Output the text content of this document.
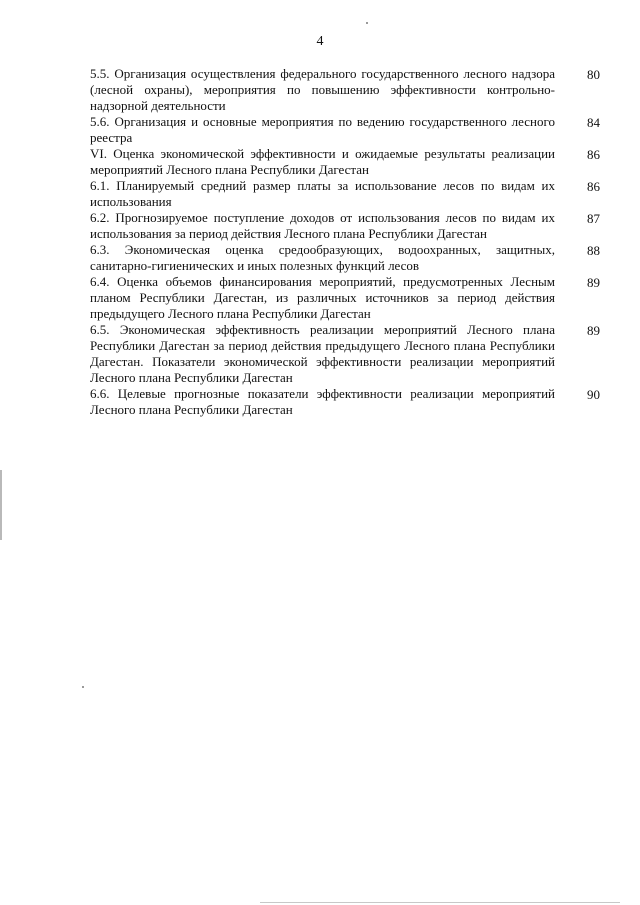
4
5.5. Организация осуществления федерального государственного лесного надзора (лесной охраны), мероприятия по повышению эффективности контрольно-надзорной деятельности
80
5.6. Организация и основные мероприятия по ведению государственного лесного реестра
84
VI. Оценка экономической эффективности и ожидаемые результаты реализации мероприятий Лесного плана Республики Дагестан
86
6.1. Планируемый средний размер платы за использование лесов по видам их использования
86
6.2. Прогнозируемое поступление доходов от использования лесов по видам их использования за период действия Лесного плана Республики Дагестан
87
6.3. Экономическая оценка средообразующих, водоохранных, защитных, санитарно-гигиенических и иных полезных функций лесов
88
6.4. Оценка объемов финансирования мероприятий, предусмотренных Лесным планом Республики Дагестан, из различных источников за период действия предыдущего Лесного плана Республики Дагестан
89
6.5. Экономическая эффективность реализации мероприятий Лесного плана Республики Дагестан за период действия предыдущего Лесного плана Республики Дагестан. Показатели экономической эффективности реализации мероприятий Лесного плана Республики Дагестан
89
6.6. Целевые прогнозные показатели эффективности реализации мероприятий Лесного плана Республики Дагестан
90
